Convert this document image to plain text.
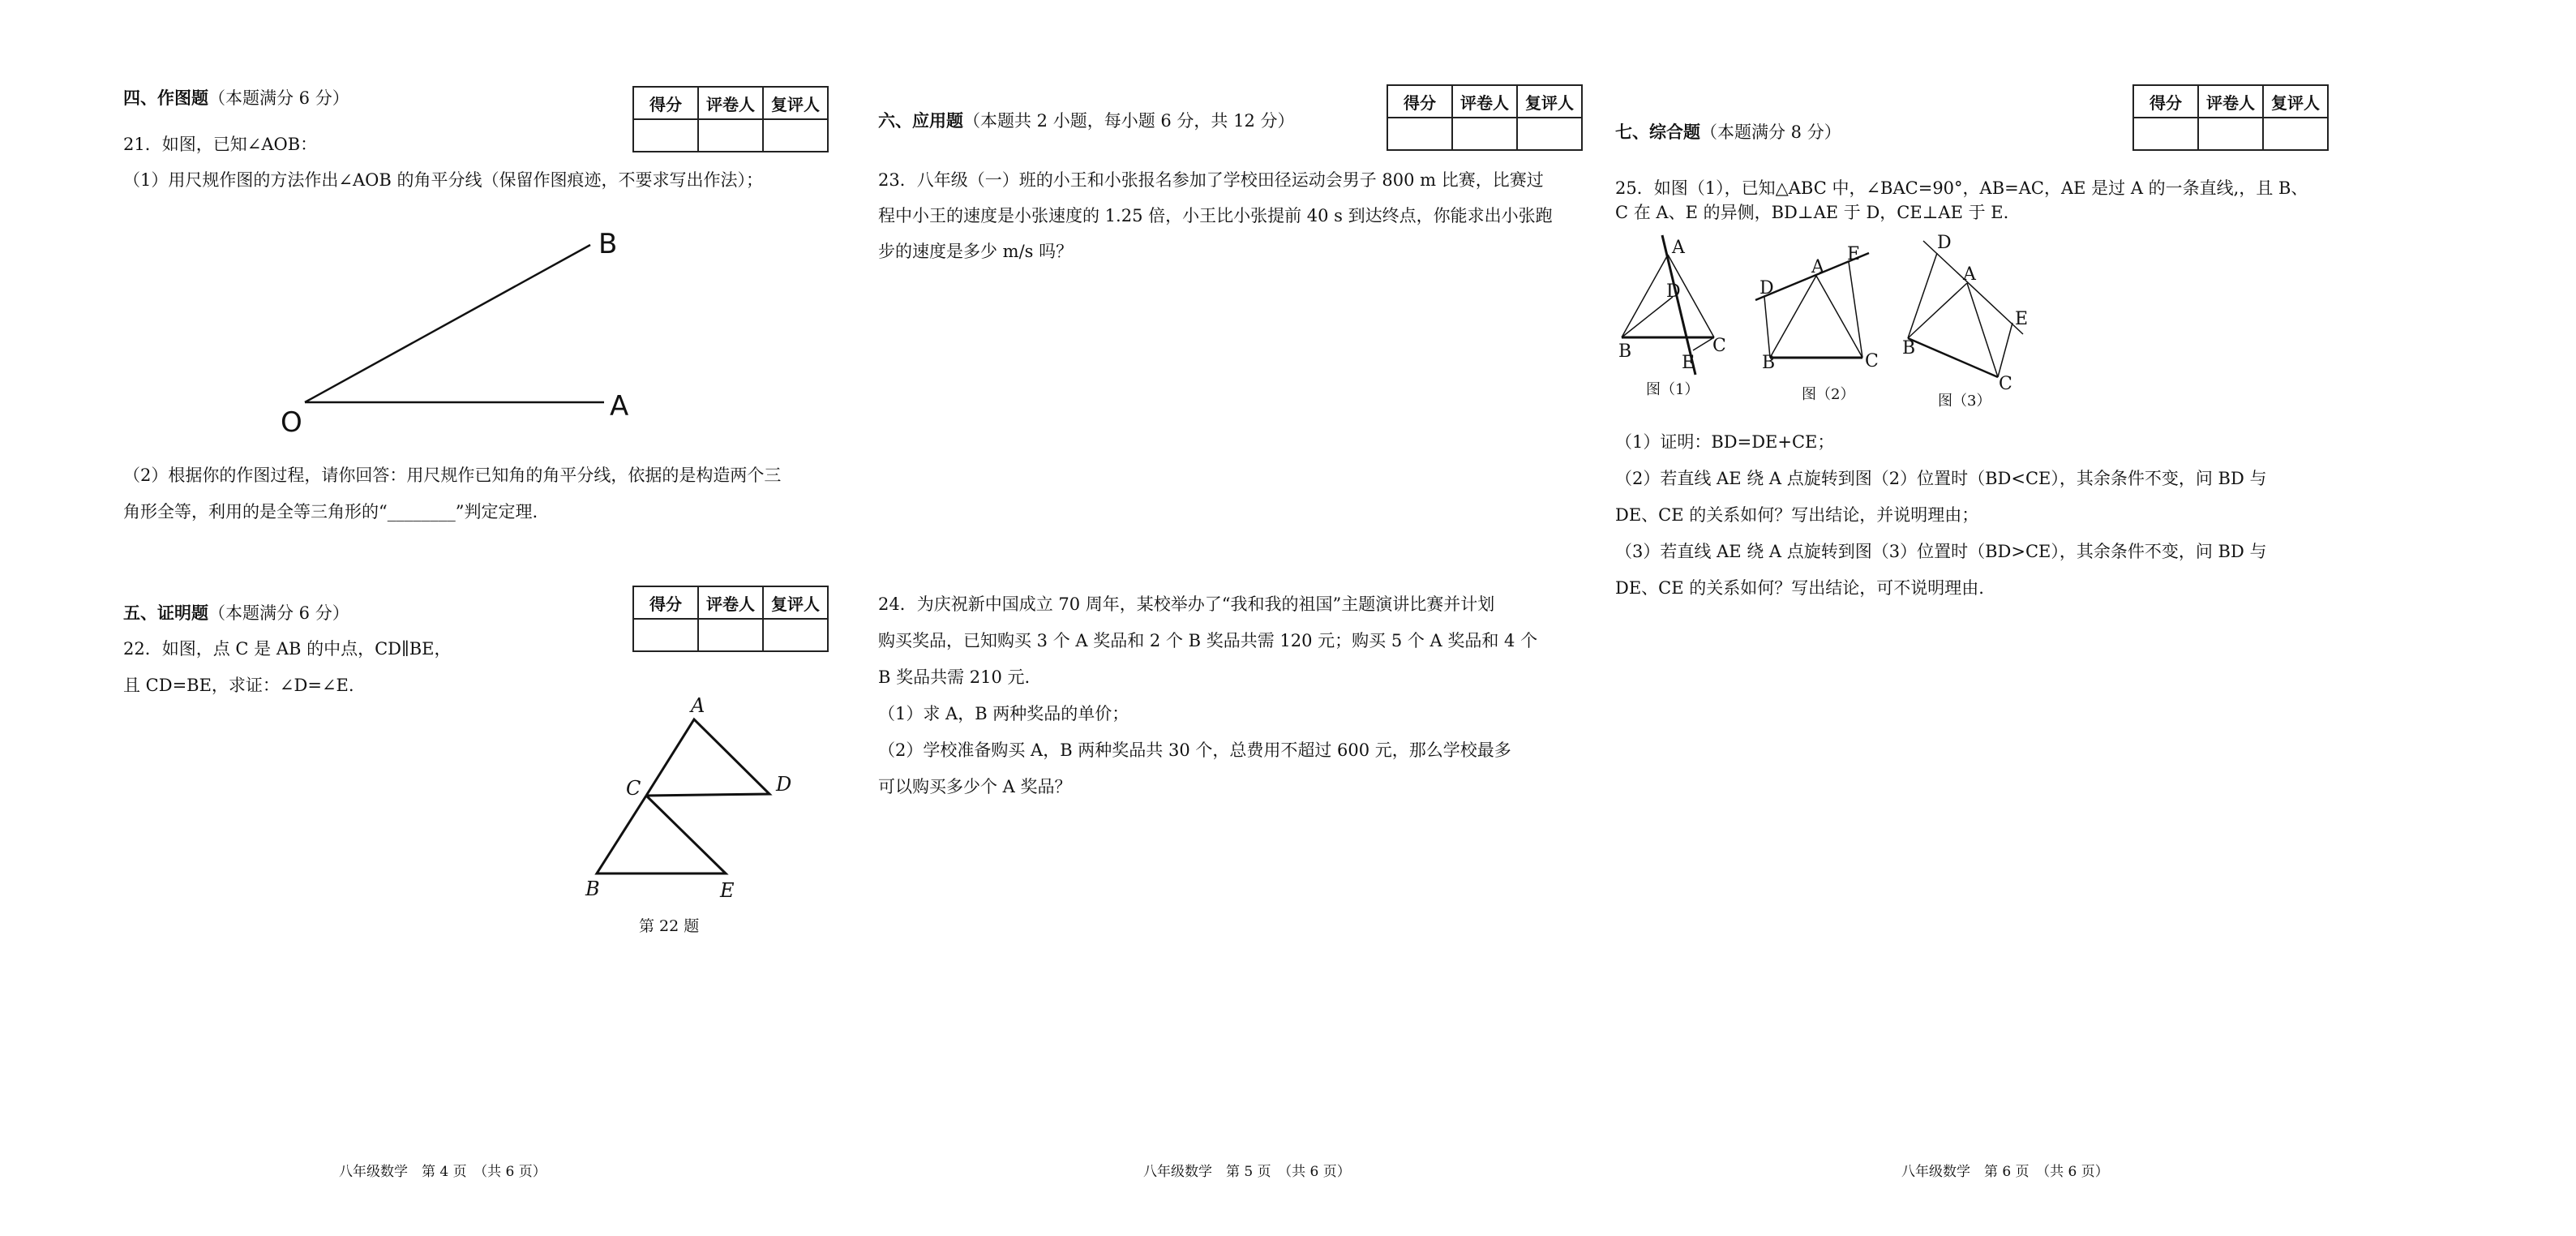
B
O	A
A
D
C
B	E
A
D
B	C
E
图（1）
A
D
E
B	C
图（2）
D
A
E
B
C
图（3）
四、作图题（本题满分 6 分）	得分	评卷人	复评人

21．如图，已知∠AOB：
（1）用尺规作图的方法作出∠AOB 的角平分线（保留作图痕迹，不要求写出作法）；
（2）根据你的作图过程，请你回答：用尺规作已知角的角平分线，依据的是构造两个三
角形全等，利用的是全等三角形的“________”判定定理.
五、证明题（本题满分 6 分）	得分	评卷人	复评人

22．如图，点 C 是 AB 的中点，CD∥BE，
且 CD=BE，求证：∠D=∠E.
第 22 题
八年级数学　第 4 页　（共 6 页）
六、应用题（本题共 2 小题，每小题 6 分，共 12 分）
得分	评卷人	复评人

23．八年级（一）班的小王和小张报名参加了学校田径运动会男子 800 m 比赛，比赛过
程中小王的速度是小张速度的 1.25 倍，小王比小张提前 40 s 到达终点，你能求出小张跑
步的速度是多少 m/s 吗？
24．为庆祝新中国成立 70 周年，某校举办了“我和我的祖国”主题演讲比赛并计划
购买奖品，已知购买 3 个 A 奖品和 2 个 B 奖品共需 120 元；购买 5 个 A 奖品和 4 个
B 奖品共需 210 元.
（1）求 A，B 两种奖品的单价；
（2）学校准备购买 A，B 两种奖品共 30 个，总费用不超过 600 元，那么学校最多
可以购买多少个 A 奖品？
八年级数学　第 5 页　（共 6 页）
七、综合题（本题满分 8 分）
得分	评卷人	复评人

25．如图（1），已知△ABC 中，∠BAC=90°，AB=AC，AE 是过 A 的一条直线,，且 B、
C 在 A、E 的异侧，BD⊥AE 于 D，CE⊥AE 于 E.
（1）证明：BD=DE+CE；
（2）若直线 AE 绕 A 点旋转到图（2）位置时（BD<CE），其余条件不变，问 BD 与
DE、CE 的关系如何？写出结论，并说明理由；
（3）若直线 AE 绕 A 点旋转到图（3）位置时（BD>CE），其余条件不变，问 BD 与
DE、CE 的关系如何？写出结论，可不说明理由.
八年级数学　第 6 页　（共 6 页）
